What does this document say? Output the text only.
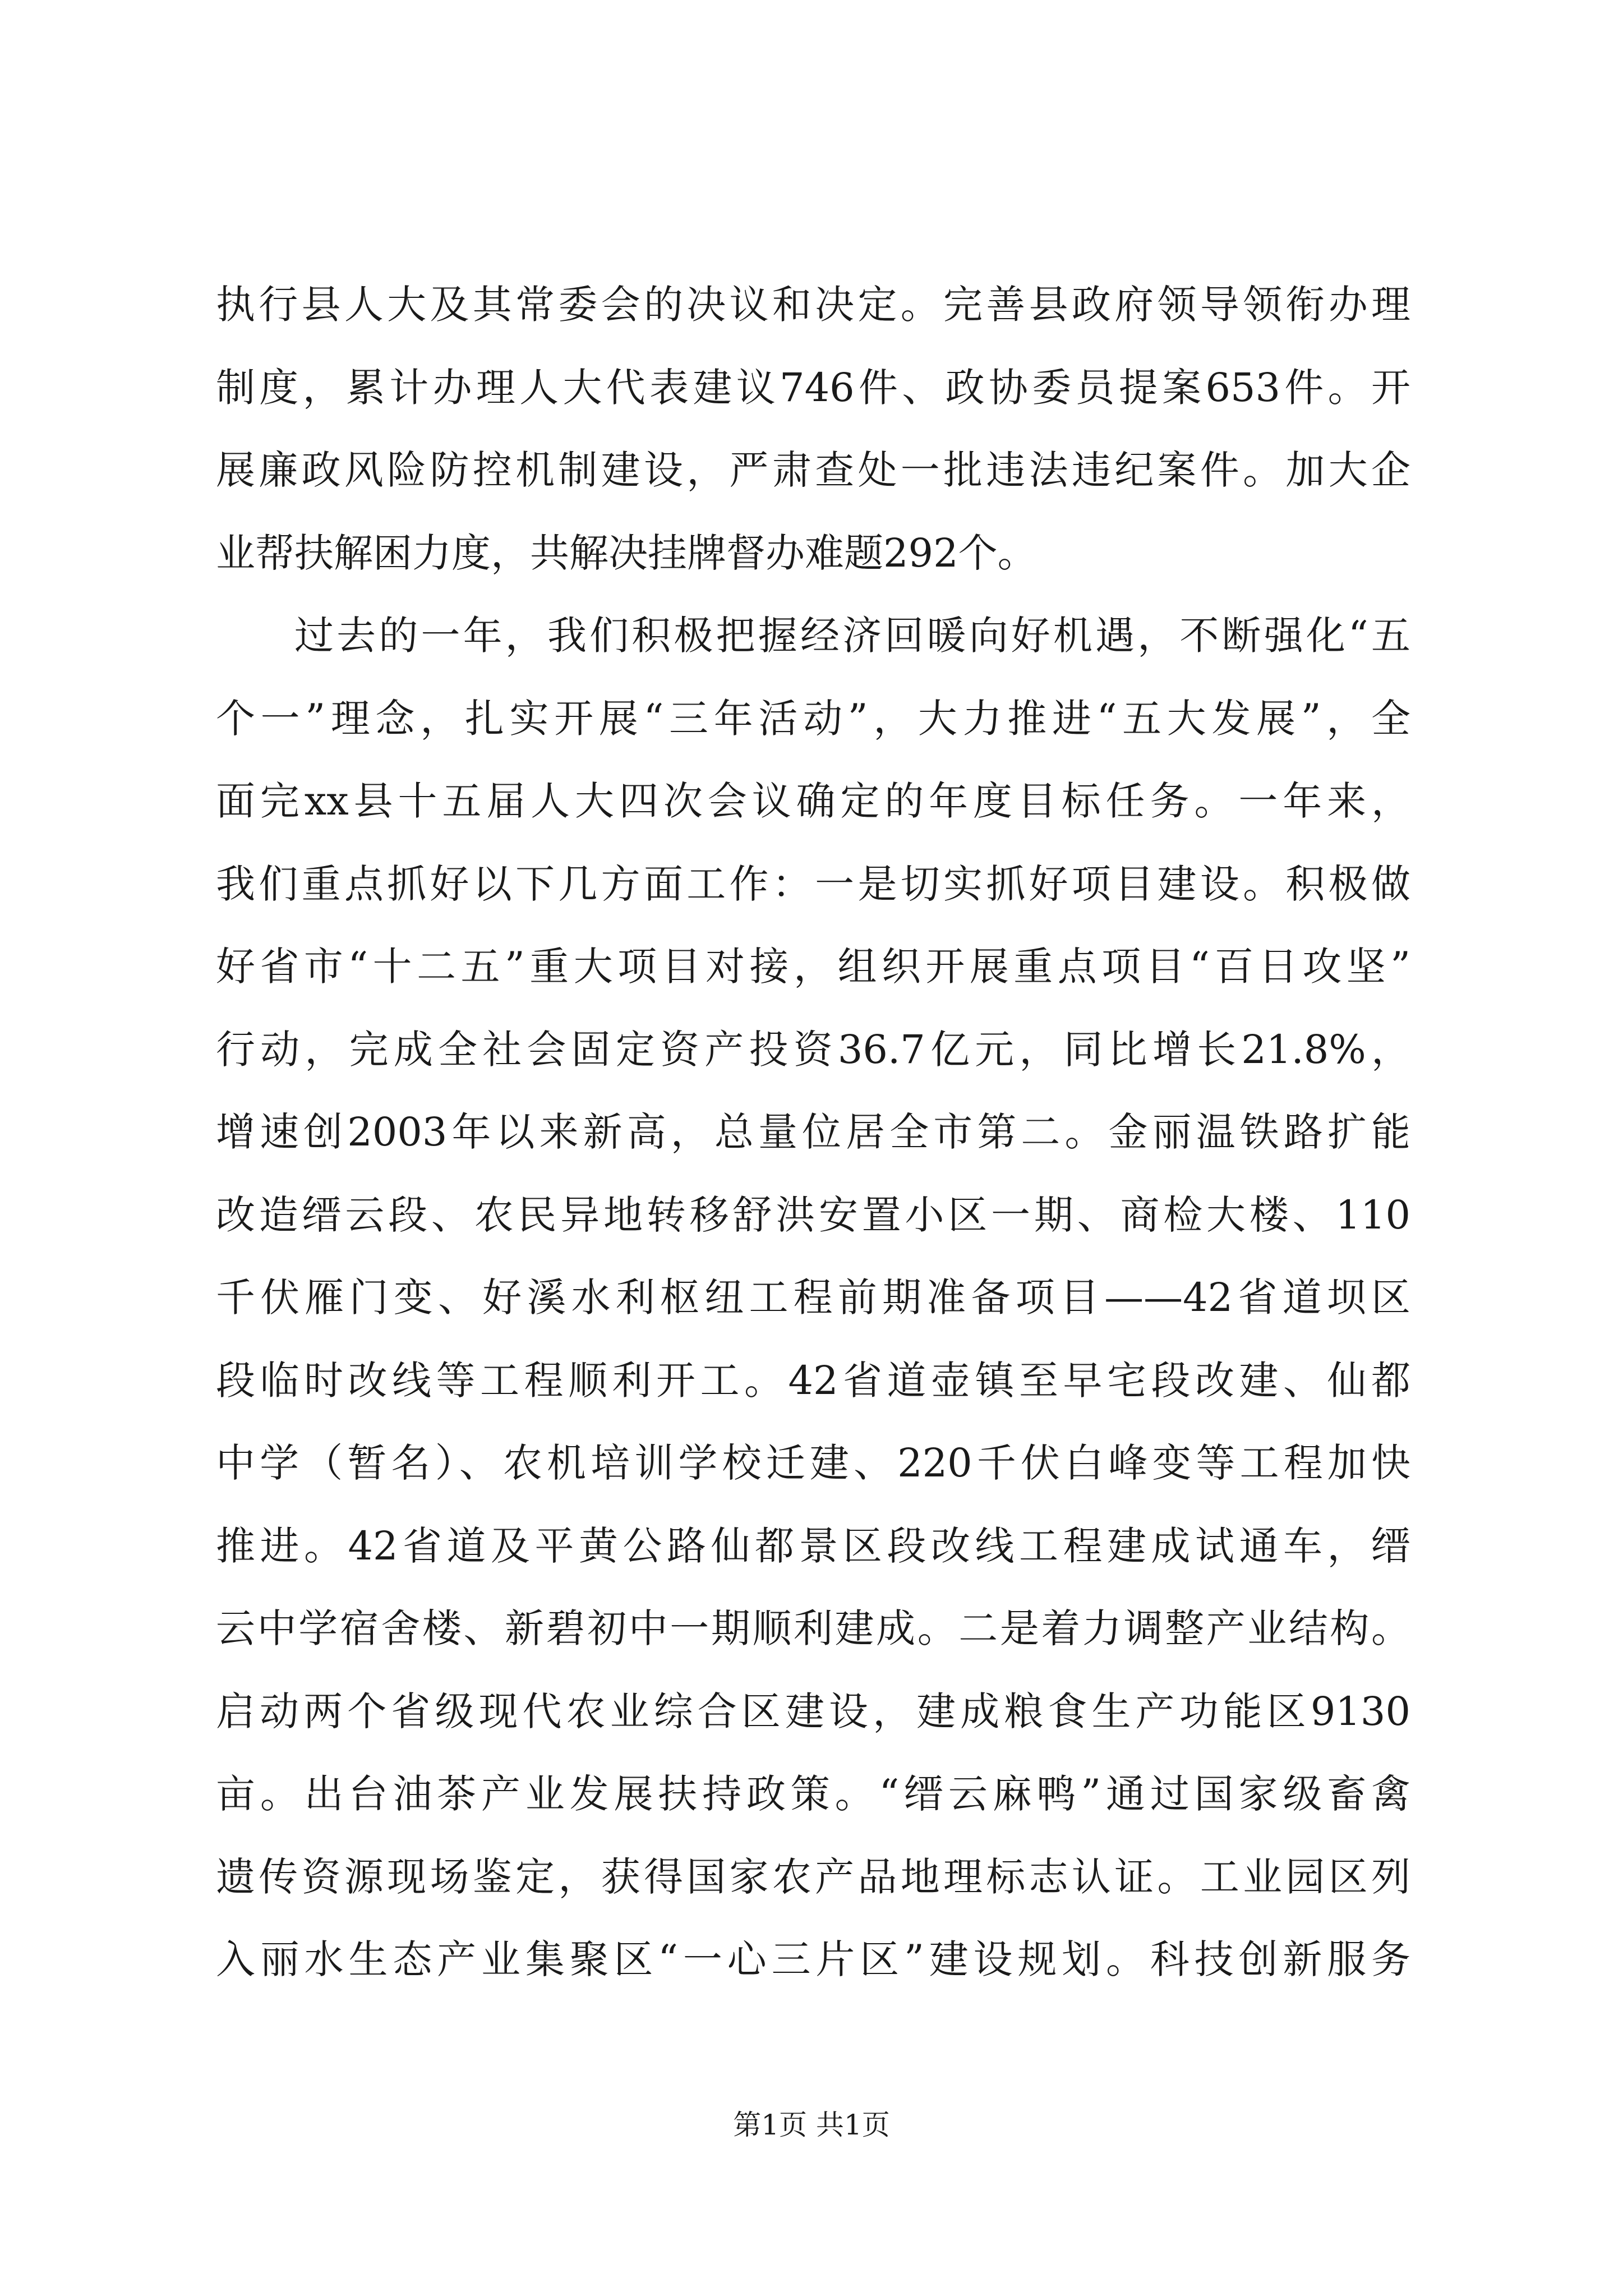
执行县人大及其常委会的决议和决定。完善县政府领导领衔办理
制度，累计办理人大代表建议746件、政协委员提案653件。开
展廉政风险防控机制建设，严肃查处一批违法违纪案件。加大企
业帮扶解困力度，共解决挂牌督办难题292个。
过去的一年，我们积极把握经济回暖向好机遇，不断强化“五
个一”理念，扎实开展“三年活动”，大力推进“五大发展”，全
面完xx县十五届人大四次会议确定的年度目标任务。一年来，
我们重点抓好以下几方面工作：一是切实抓好项目建设。积极做
好省市“十二五”重大项目对接，组织开展重点项目“百日攻坚”
行动，完成全社会固定资产投资36.7亿元，同比增长21.8%，
增速创2003年以来新高，总量位居全市第二。金丽温铁路扩能
改造缙云段、农民异地转移舒洪安置小区一期、商检大楼、110
千伏雁门变、好溪水利枢纽工程前期准备项目——42省道坝区
段临时改线等工程顺利开工。42省道壶镇至早宅段改建、仙都
中学（暂名）、农机培训学校迁建、220千伏白峰变等工程加快
推进。42省道及平黄公路仙都景区段改线工程建成试通车，缙
云中学宿舍楼、新碧初中一期顺利建成。二是着力调整产业结构。
启动两个省级现代农业综合区建设，建成粮食生产功能区9130
亩。出台油茶产业发展扶持政策。“缙云麻鸭”通过国家级畜禽
遗传资源现场鉴定，获得国家农产品地理标志认证。工业园区列
入丽水生态产业集聚区“一心三片区”建设规划。科技创新服务
第1页 共1页
